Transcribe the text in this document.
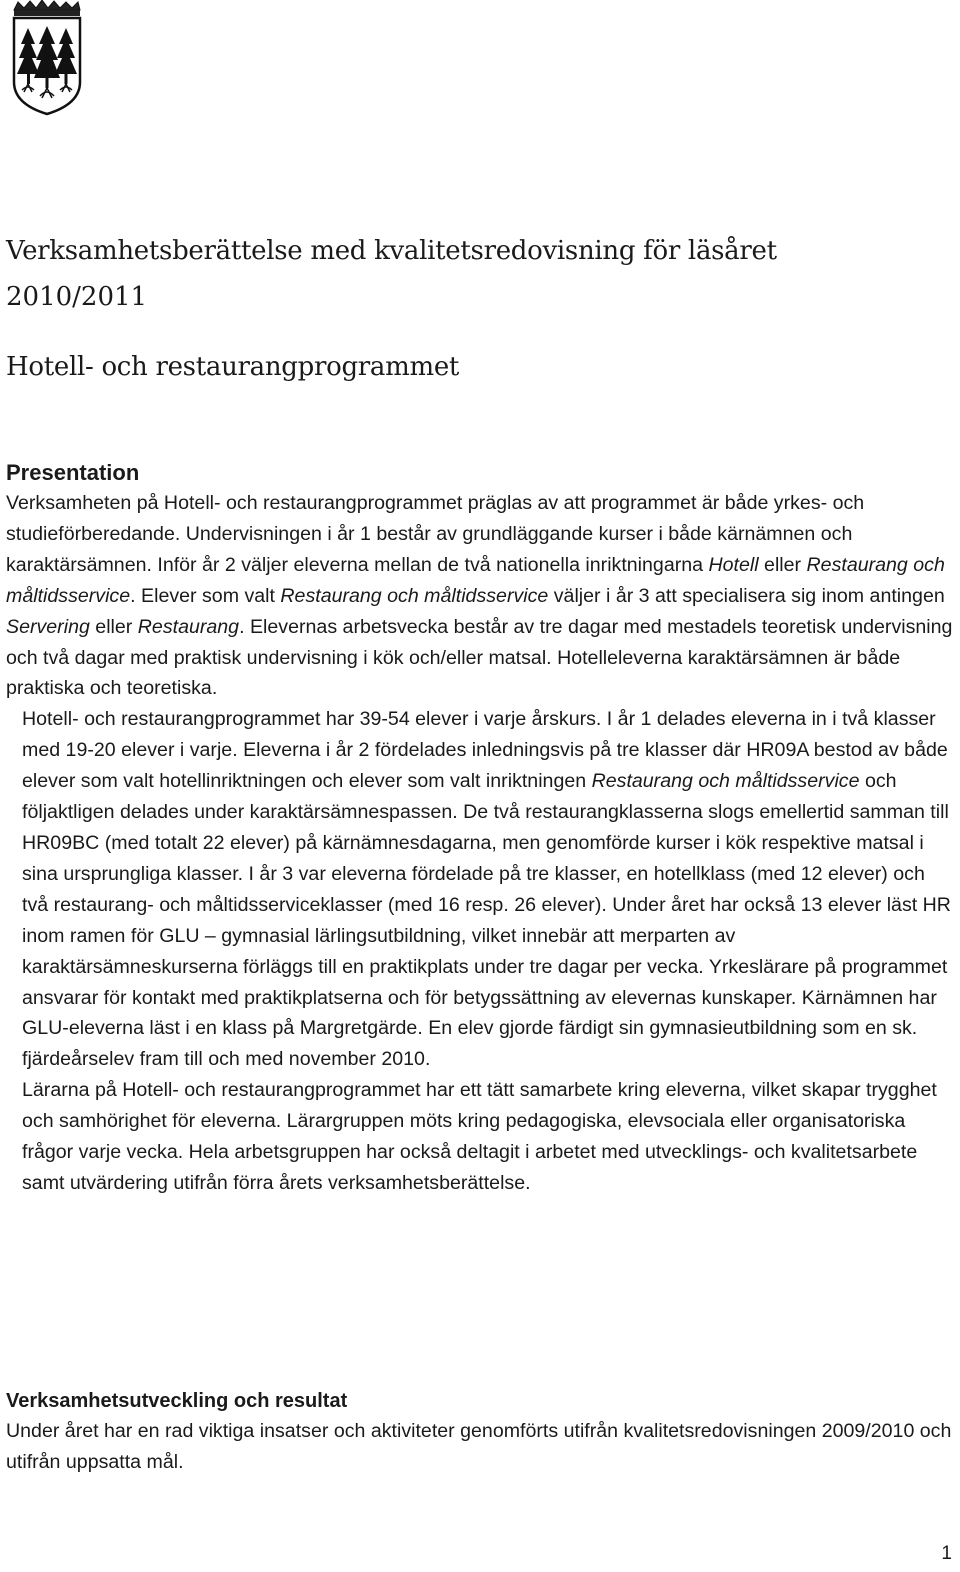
Verksamhetsberättelse med kvalitetsredovisning för läsåret
2010/2011
Hotell- och restaurangprogrammet
Presentation

Verksamheten på Hotell- och restaurangprogrammet präglas av att programmet är både yrkes- och studieförberedande. Undervisningen i år 1 består av grundläggande kurser i både kärnämnen och karaktärsämnen. Inför år 2 väljer eleverna mellan de två nationella inriktningarna Hotell eller Restaurang och måltidsservice. Elever som valt Restaurang och måltidsservice väljer i år 3 att specialisera sig inom antingen Servering eller Restaurang. Elevernas arbetsvecka består av tre dagar med mestadels teoretisk undervisning och två dagar med praktisk undervisning i kök och/eller matsal. Hotelleleverna karaktärsämnen är både praktiska och teoretiska.

Hotell- och restaurangprogrammet har 39-54 elever i varje årskurs. I år 1 delades eleverna in i två klasser med 19-20 elever i varje. Eleverna i år 2 fördelades inledningsvis på tre klasser där HR09A bestod av både elever som valt hotellinriktningen och elever som valt inriktningen Restaurang och måltidsservice och följaktligen delades under karaktärsämnespassen. De två restaurangklasserna slogs emellertid samman till HR09BC (med totalt 22 elever) på kärnämnesdagarna, men genomförde kurser i kök respektive matsal i sina ursprungliga klasser. I år 3 var eleverna fördelade på tre klasser, en hotellklass (med 12 elever) och två restaurang- och måltidsserviceklasser (med 16 resp. 26 elever). Under året har också 13 elever läst HR inom ramen för GLU – gymnasial lärlingsutbildning, vilket innebär att merparten av karaktärsämneskurserna förläggs till en praktikplats under tre dagar per vecka. Yrkeslärare på programmet ansvarar för kontakt med praktikplatserna och för betygssättning av elevernas kunskaper. Kärnämnen har GLU-eleverna läst i en klass på Margretgärde. En elev gjorde färdigt sin gymnasieutbildning som en sk. fjärdeårselev fram till och med november 2010.

Lärarna på Hotell- och restaurangprogrammet har ett tätt samarbete kring eleverna, vilket skapar trygghet och samhörighet för eleverna. Lärargruppen möts kring pedagogiska, elevsociala eller organisatoriska frågor varje vecka. Hela arbetsgruppen har också deltagit i arbetet med utvecklings- och kvalitetsarbete samt utvärdering utifrån förra årets verksamhetsberättelse.

Verksamhetsutveckling och resultat

Under året har en rad viktiga insatser och aktiviteter genomförts utifrån kvalitetsredovisningen 2009/2010 och utifrån uppsatta mål.

1
